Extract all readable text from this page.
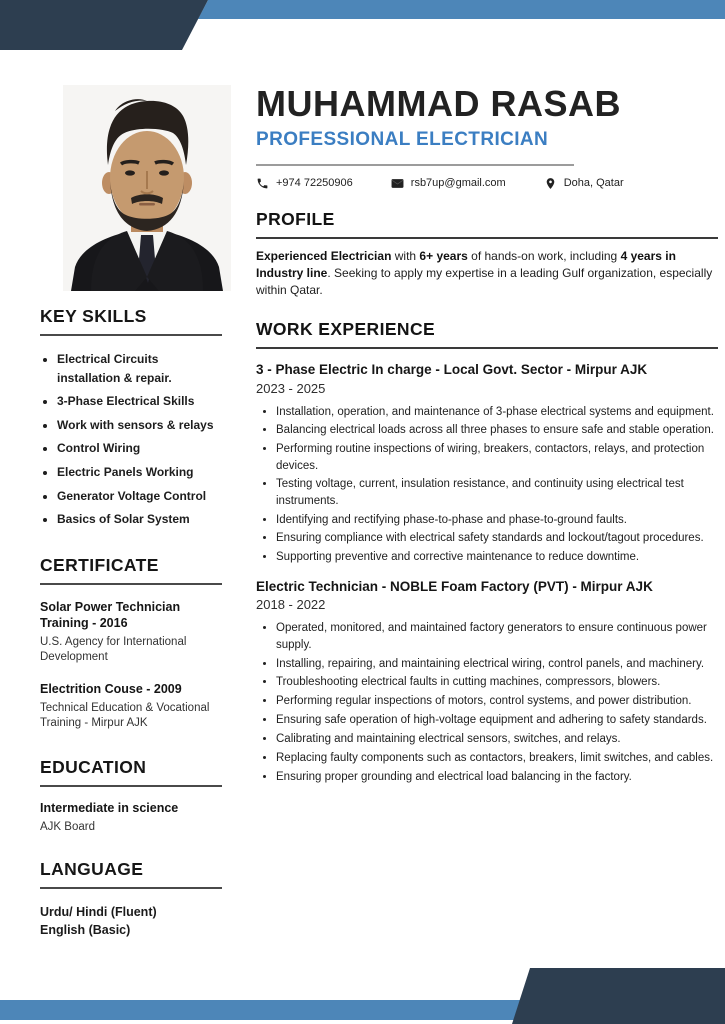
KEY SKILLS
• Electrical Circuits installation & repair.
• 3-Phase Electrical Skills
• Work with sensors & relays
• Control Wiring
• Electric Panels Working
• Generator Voltage Control
• Basics of Solar System
CERTIFICATE
Solar Power Technician Training - 2016
U.S. Agency for International Development
Electrition Couse - 2009
Technical Education & Vocational Training - Mirpur AJK
EDUCATION
Intermediate in science
AJK Board
LANGUAGE
Urdu/ Hindi (Fluent)
English (Basic)
MUHAMMAD RASAB
PROFESSIONAL ELECTRICIAN
+974 72250906	rsb7up@gmail.com	Doha, Qatar
PROFILE

Experienced Electrician with 6+ years of hands-on work, including 4 years in Industry line. Seeking to apply my expertise in a leading Gulf organization, especially within Qatar.

WORK EXPERIENCE
3 - Phase Electric In charge - Local Govt. Sector - Mirpur AJK
2023 - 2025
• Installation, operation, and maintenance of 3-phase electrical systems and equipment.
• Balancing electrical loads across all three phases to ensure safe and stable operation.
• Performing routine inspections of wiring, breakers, contactors, relays, and protection devices.
• Testing voltage, current, insulation resistance, and continuity using electrical test instruments.
• Identifying and rectifying phase-to-phase and phase-to-ground faults.
• Ensuring compliance with electrical safety standards and lockout/tagout procedures.
• Supporting preventive and corrective maintenance to reduce downtime.
Electric Technician - NOBLE Foam Factory (PVT) - Mirpur AJK
2018 - 2022
• Operated, monitored, and maintained factory generators to ensure continuous power supply.
• Installing, repairing, and maintaining electrical wiring, control panels, and machinery.
• Troubleshooting electrical faults in cutting machines, compressors, blowers.
• Performing regular inspections of motors, control systems, and power distribution.
• Ensuring safe operation of high-voltage equipment and adhering to safety standards.
• Calibrating and maintaining electrical sensors, switches, and relays.
• Replacing faulty components such as contactors, breakers, limit switches, and cables.
• Ensuring proper grounding and electrical load balancing in the factory.
